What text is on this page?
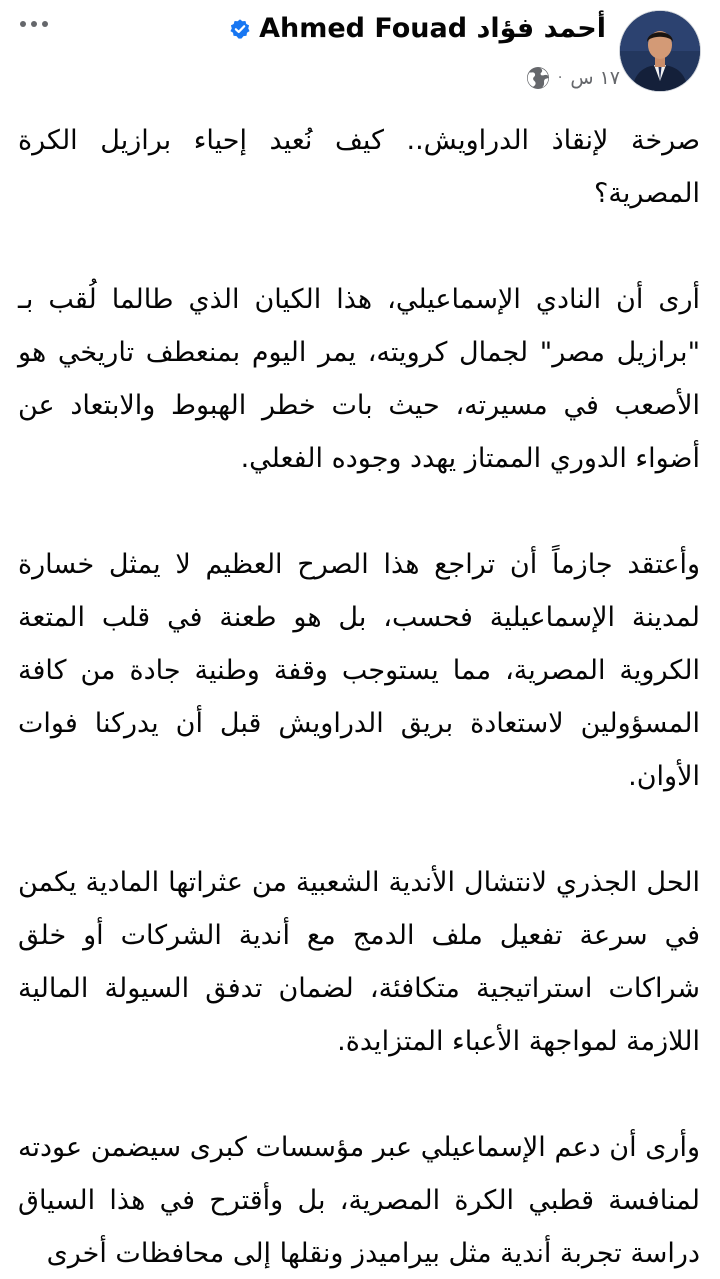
Ahmed Fouad أحمد فؤاد
١٧ س
·

صرخة لإنقاذ الدراويش.. كيف نُعيد إحياء برازيل الكرة المصرية؟

أرى أن النادي الإسماعيلي، هذا الكيان الذي طالما لُقب بـ "برازيل مصر" لجمال كرويته، يمر اليوم بمنعطف تاريخي هو الأصعب في مسيرته، حيث بات خطر الهبوط والابتعاد عن أضواء الدوري الممتاز يهدد وجوده الفعلي.

وأعتقد جازماً أن تراجع هذا الصرح العظيم لا يمثل خسارة لمدينة الإسماعيلية فحسب، بل هو طعنة في قلب المتعة الكروية المصرية، مما يستوجب وقفة وطنية جادة من كافة المسؤولين لاستعادة بريق الدراويش قبل أن يدركنا فوات الأوان.

الحل الجذري لانتشال الأندية الشعبية من عثراتها المادية يكمن في سرعة تفعيل ملف الدمج مع أندية الشركات أو خلق شراكات استراتيجية متكافئة، لضمان تدفق السيولة المالية اللازمة لمواجهة الأعباء المتزايدة.

وأرى أن دعم الإسماعيلي عبر مؤسسات كبرى سيضمن عودته لمنافسة قطبي الكرة المصرية، بل وأقترح في هذا السياق دراسة تجربة أندية مثل بيراميدز ونقلها إلى محافظات أخرى
